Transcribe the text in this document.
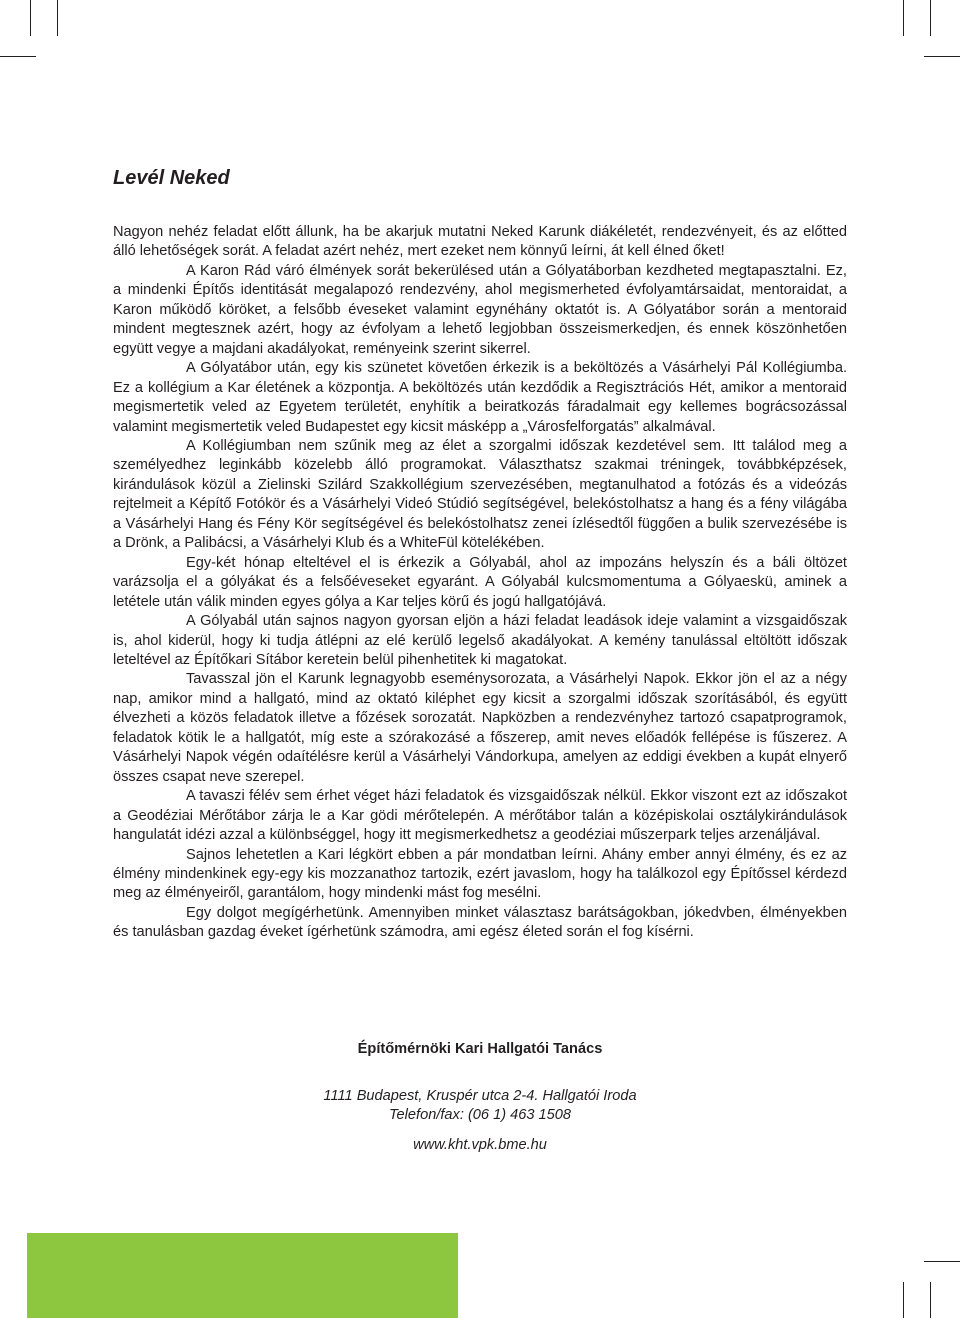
Levél Neked

Nagyon nehéz feladat előtt állunk, ha be akarjuk mutatni Neked Karunk diákéletét, rendezvényeit, és az előtted álló lehetőségek sorát. A feladat azért nehéz, mert ezeket nem könnyű leírni, át kell élned őket!

A Karon Rád váró élmények sorát bekerülésed után a Gólyatáborban kezdheted megtapasztalni. Ez, a mindenki Építős identitását megalapozó rendezvény, ahol megismerheted évfolyamtársaidat, mentoraidat, a Karon működő köröket, a felsőbb éveseket valamint egynéhány oktatót is. A Gólyatábor során a mentoraid mindent megtesznek azért, hogy az évfolyam a lehető legjobban összeismerkedjen, és ennek köszönhetően együtt vegye a majdani akadályokat, reményeink szerint sikerrel.

A Gólyatábor után, egy kis szünetet követően érkezik is a beköltözés a Vásárhelyi Pál Kollégiumba. Ez a kollégium a Kar életének a központja. A beköltözés után kezdődik a Regisztrációs Hét, amikor a mentoraid megismertetik veled az Egyetem területét, enyhítik a beiratkozás fáradalmait egy kellemes bográcsozással valamint megismertetik veled Budapestet egy kicsit másképp a „Városfelforgatás” alkalmával.

A Kollégiumban nem szűnik meg az élet a szorgalmi időszak kezdetével sem. Itt találod meg a személyedhez leginkább közelebb álló programokat. Választhatsz szakmai tréningek, továbbképzések, kirándulások közül a Zielinski Szilárd Szakkollégium szervezésében, megtanulhatod a fotózás és a videózás rejtelmeit a Képítő Fotókör és a Vásárhelyi Videó Stúdió segítségével, belekóstolhatsz a hang és a fény világába a Vásárhelyi Hang és Fény Kör segítségével és belekóstolhatsz zenei ízlésedtől függően a bulik szervezésébe is a Drönk, a Palibácsi, a Vásárhelyi Klub és a WhiteFül kötelékében.

Egy-két hónap elteltével el is érkezik a Gólyabál, ahol az impozáns helyszín és a báli öltözet varázsolja el a gólyákat és a felsőéveseket egyaránt. A Gólyabál kulcsmomentuma a Gólyaeskü, aminek a letétele után válik minden egyes gólya a Kar teljes körű és jogú hallgatójává.

A Gólyabál után sajnos nagyon gyorsan eljön a házi feladat leadások ideje valamint a vizsgaidőszak is, ahol kiderül, hogy ki tudja átlépni az elé kerülő legelső akadályokat. A kemény tanulással eltöltött időszak leteltével az Építőkari Sítábor keretein belül pihenhetitek ki magatokat.

Tavasszal jön el Karunk legnagyobb eseménysorozata, a Vásárhelyi Napok. Ekkor jön el az a négy nap, amikor mind a hallgató, mind az oktató kiléphet egy kicsit a szorgalmi időszak szorításából, és együtt élvezheti a közös feladatok illetve a főzések sorozatát. Napközben a rendezvényhez tartozó csapatprogramok, feladatok kötik le a hallgatót, míg este a szórakozásé a főszerep, amit neves előadók fellépése is fűszerez. A Vásárhelyi Napok végén odaítélésre kerül a Vásárhelyi Vándorkupa, amelyen az eddigi években a kupát elnyerő összes csapat neve szerepel.

A tavaszi félév sem érhet véget házi feladatok és vizsgaidőszak nélkül. Ekkor viszont ezt az időszakot a Geodéziai Mérőtábor zárja le a Kar gödi mérőtelepén. A mérőtábor talán a középiskolai osztálykirándulások hangulatát idézi azzal a különbséggel, hogy itt megismerkedhetsz a geodéziai műszerpark teljes arzenáljával.

Sajnos lehetetlen a Kari légkört ebben a pár mondatban leírni. Ahány ember annyi élmény, és ez az élmény mindenkinek egy-egy kis mozzanathoz tartozik, ezért javaslom, hogy ha találkozol egy Építőssel kérdezd meg az élményeiről, garantálom, hogy mindenki mást fog mesélni.

Egy dolgot megígérhetünk. Amennyiben minket választasz barátságokban, jókedvben, élményekben és tanulásban gazdag éveket ígérhetünk számodra, ami egész életed során el fog kísérni.

Építőmérnöki Kari Hallgatói Tanács

1111 Budapest, Kruspér utca 2-4. Hallgatói Iroda

Telefon/fax: (06 1) 463 1508

www.kht.vpk.bme.hu
